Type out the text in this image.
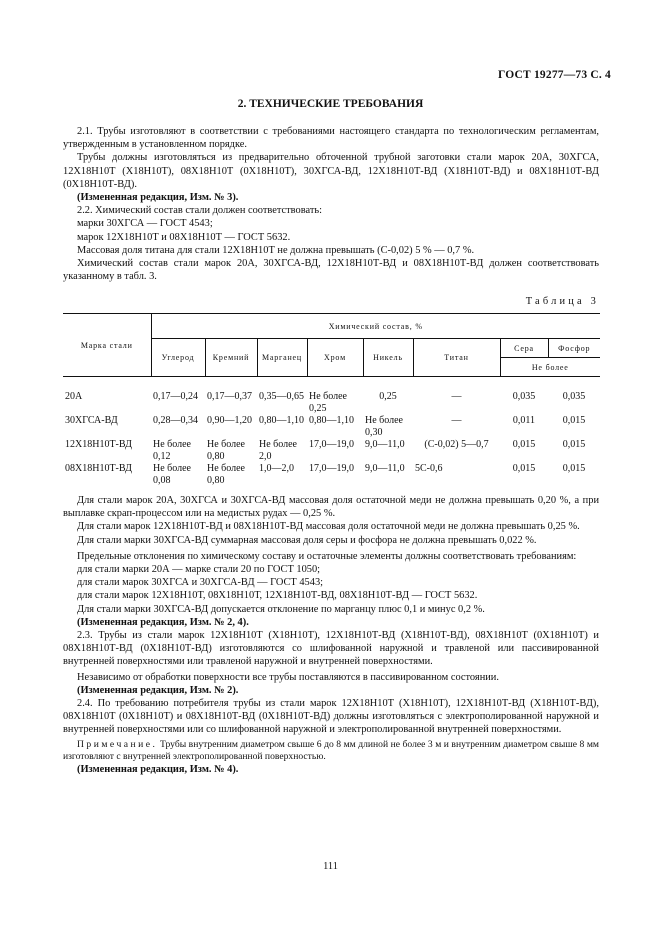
ГОСТ 19277—73 С. 4
2. ТЕХНИЧЕСКИЕ ТРЕБОВАНИЯ

2.1. Трубы изготовляют в соответствии с требованиями настоящего стандарта по технологическим регламентам, утвержденным в установленном порядке.

Трубы должны изготовляться из предварительно обточенной трубной заготовки стали марок 20А, 30ХГСА, 12Х18Н10Т (Х18Н10Т), 08Х18Н10Т (0Х18Н10Т), 30ХГСА-ВД, 12Х18Н10Т-ВД (Х18Н10Т-ВД) и 08Х18Н10Т-ВД (0Х18Н10Т-ВД).

(Измененная редакция, Изм. № 3).

2.2. Химический состав стали должен соответствовать:

марки 30ХГСА — ГОСТ 4543;

марок 12Х18Н10Т и 08Х18Н10Т — ГОСТ 5632.

Массовая доля титана для стали 12Х18Н10Т не должна превышать (С-0,02) 5 % — 0,7 %.

Химический состав стали марок 20А, 30ХГСА-ВД, 12Х18Н10Т-ВД и 08Х18Н10Т-ВД должен соответствовать указанному в табл. 3.

Таблица 3
Марка стали	Химический состав, %							
	Углерод	Кремний	Марганец	Хром	Никель	Титан	Сера	Фосфор
							Не более	
20А	0,17—0,24	0,17—0,37	0,35—0,65	Не более 0,25	0,25	—	0,035	0,035
30ХГСА-ВД	0,28—0,34	0,90—1,20	0,80—1,10	0,80—1,10	Не более 0,30	—	0,011	0,015
12Х18Н10Т-ВД	Не более 0,12	Не более 0,80	Не более 2,0	17,0—19,0	9,0—11,0	(С-0,02) 5—0,7	0,015	0,015
08Х18Н10Т-ВД	Не более 0,08	Не более 0,80	1,0—2,0	17,0—19,0	9,0—11,0	5С-0,6	0,015	0,015

Для стали марок 20А, 30ХГСА и 30ХГСА-ВД массовая доля остаточной меди не должна превышать 0,20 %, а при выплавке скрап-процессом или на медистых рудах — 0,25 %.

Для стали марок 12Х18Н10Т-ВД и 08Х18Н10Т-ВД массовая доля остаточной меди не должна превышать 0,25 %.

Для стали марки 30ХГСА-ВД суммарная массовая доля серы и фосфора не должна превышать 0,022 %.

Предельные отклонения по химическому составу и остаточные элементы должны соответствовать требованиям:

для стали марки 20А — марке стали 20 по ГОСТ 1050;

для стали марок 30ХГСА и 30ХГСА-ВД — ГОСТ 4543;

для стали марок 12Х18Н10Т, 08Х18Н10Т, 12Х18Н10Т-ВД, 08Х18Н10Т-ВД — ГОСТ 5632.

Для стали марки 30ХГСА-ВД допускается отклонение по марганцу плюс 0,1 и минус 0,2 %.

(Измененная редакция, Изм. № 2, 4).

2.3. Трубы из стали марок 12Х18Н10Т (Х18Н10Т), 12Х18Н10Т-ВД (Х18Н10Т-ВД), 08Х18Н10Т (0Х18Н10Т) и 08Х18Н10Т-ВД (0Х18Н10Т-ВД) изготовляются со шлифованной наружной и травленой или пассивированной внутренней поверхностями или травленой наружной и внутренней поверхностями.

Независимо от обработки поверхности все трубы поставляются в пассивированном состоянии.

(Измененная редакция, Изм. № 2).

2.4. По требованию потребителя трубы из стали марок 12Х18Н10Т (Х18Н10Т), 12Х18Н10Т-ВД (Х18Н10Т-ВД), 08Х18Н10Т (0Х18Н10Т) и 08Х18Н10Т-ВД (0Х18Н10Т-ВД) должны изготовляться с электрополированной наружной и внутренней поверхностями или со шлифованной наружной и электрополированной внутренней поверхностями.

Примечание. Трубы внутренним диаметром свыше 6 до 8 мм длиной не более 3 м и внутренним диаметром свыше 8 мм изготовляют с внутренней электрополированной поверхностью.

(Измененная редакция, Изм. № 4).

111
